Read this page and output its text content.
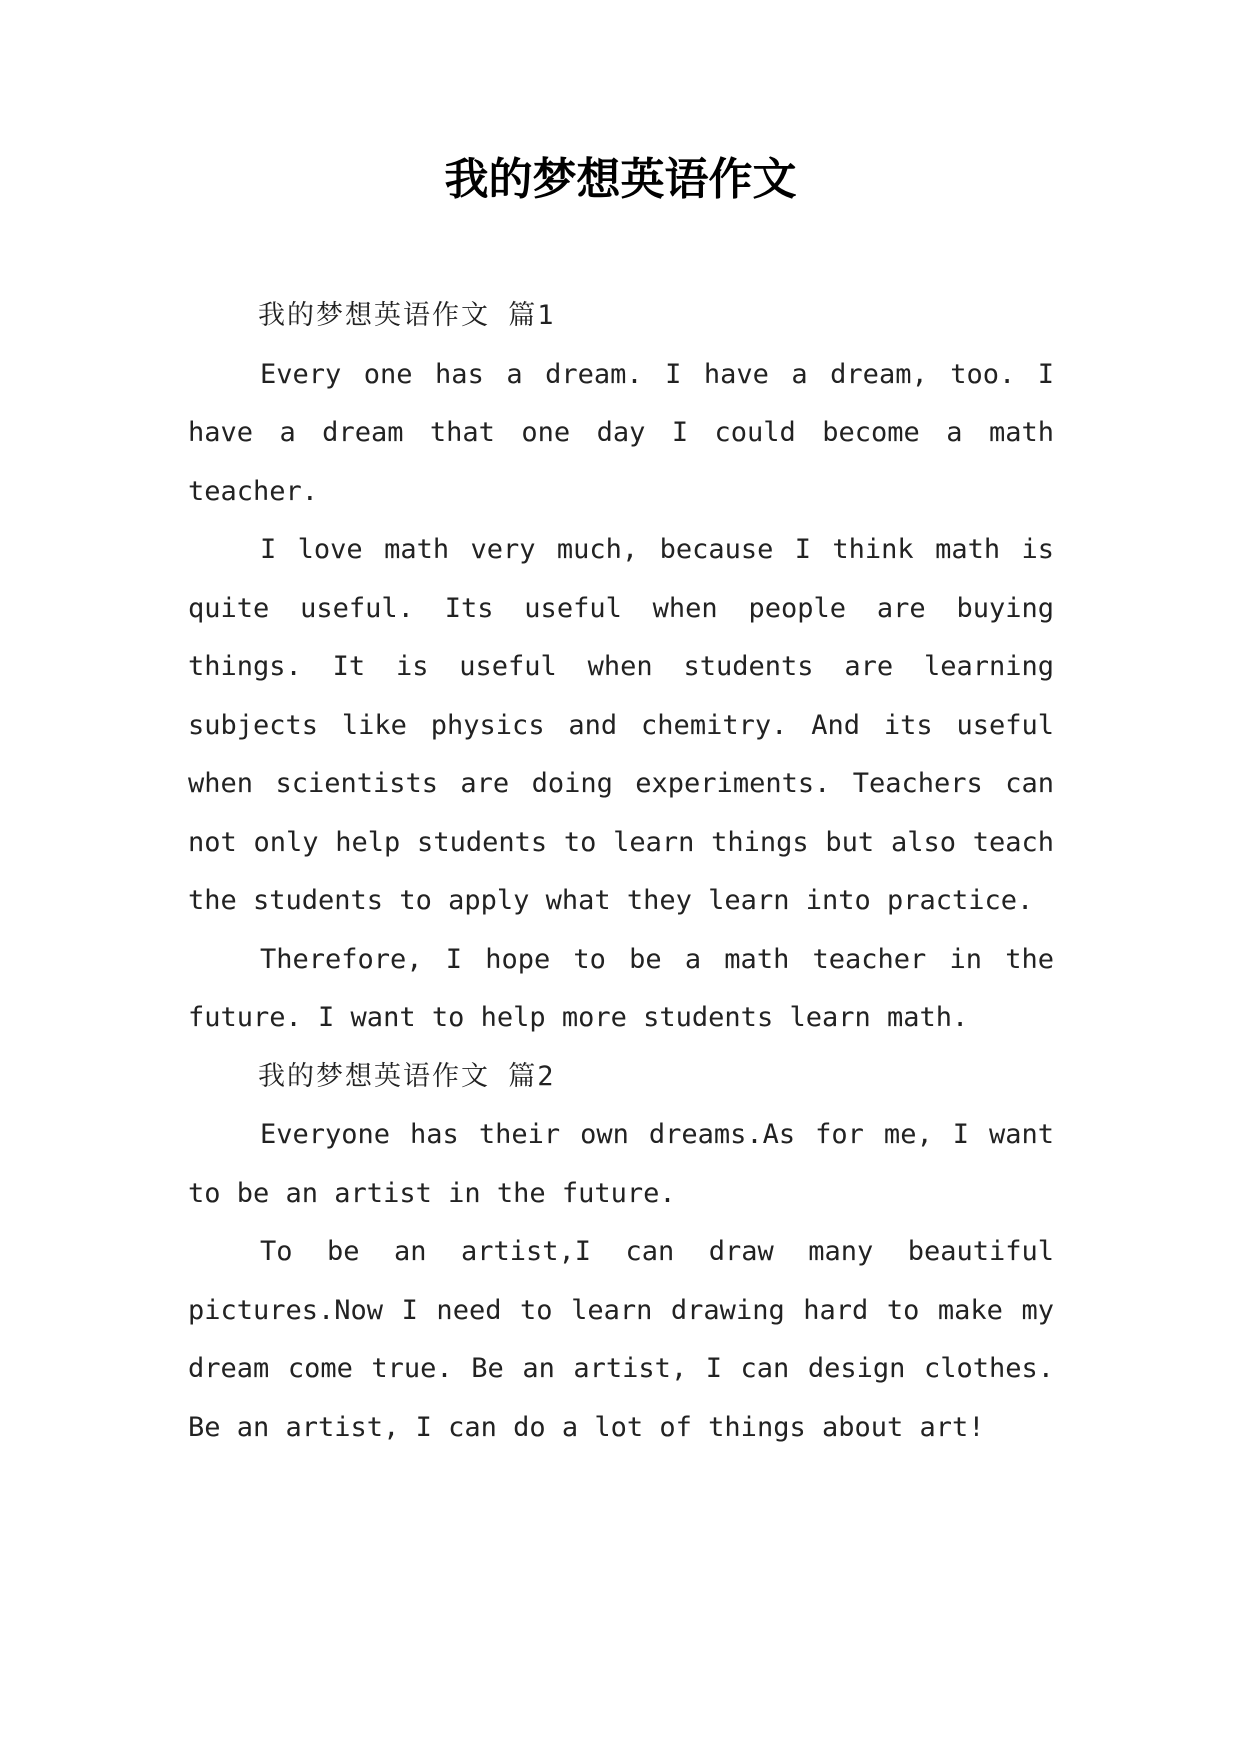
我的梦想英语作文

我的梦想英语作文 篇1

Every one has a dream. I have a dream, too. I have a dream that one day I could become a math teacher.

I love math very much, because I think math is quite useful. Its useful when people are buying things. It is useful when students are learning subjects like physics and chemitry. And its useful when scientists are doing experiments. Teachers can not only help students to learn things but also teach the students to apply what they learn into practice.

Therefore, I hope to be a math teacher in the future. I want to help more students learn math.

我的梦想英语作文 篇2

Everyone has their own dreams.As for me, I want to be an artist in the future.

To be an artist,I can draw many beautiful pictures.Now I need to learn drawing hard to make my dream come true. Be an artist, I can design clothes. Be an artist, I can do a lot of things about art!
